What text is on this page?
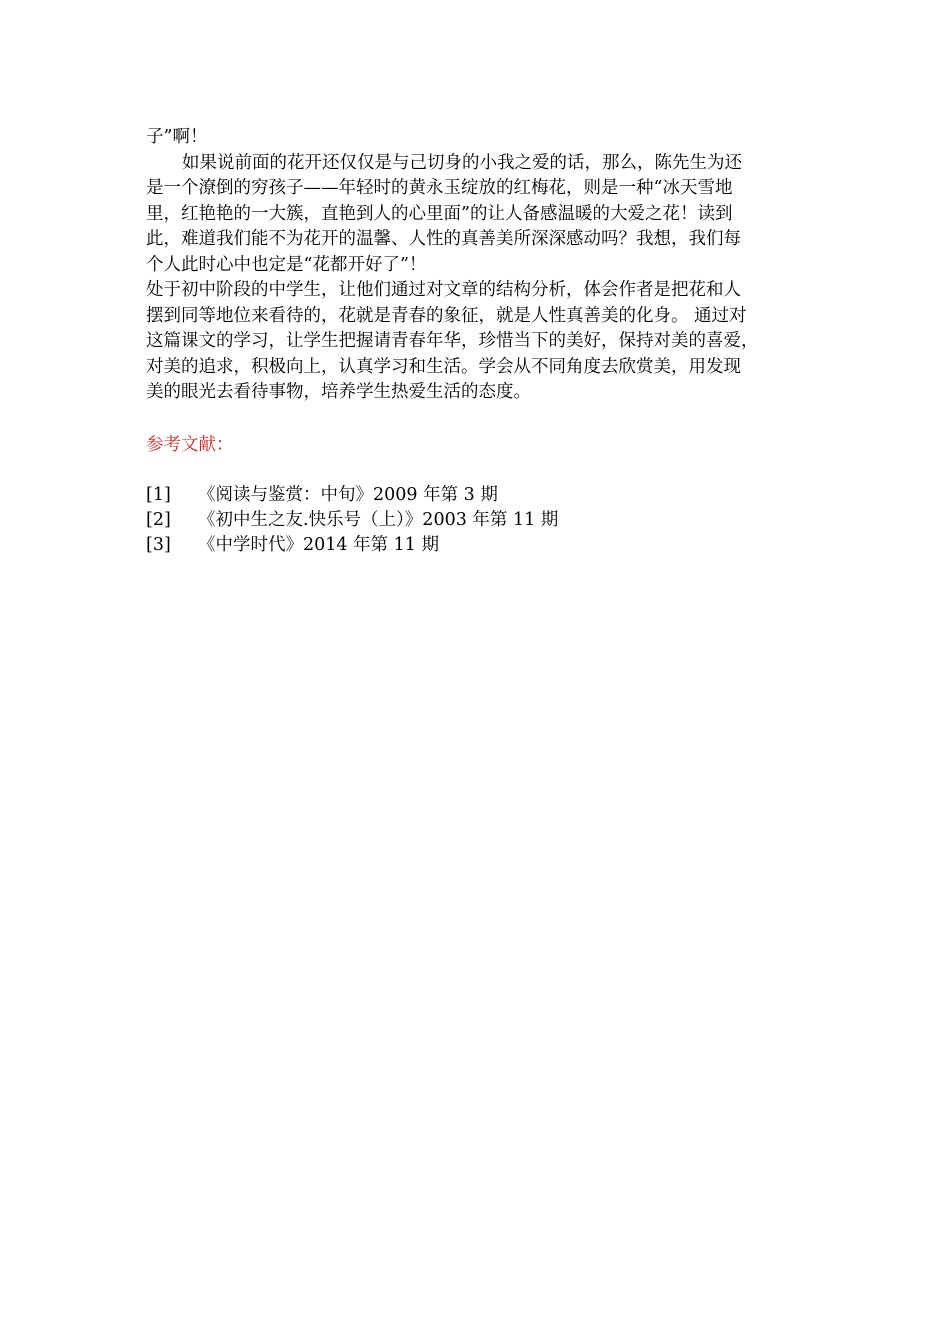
子”啊！
如果说前面的花开还仅仅是与己切身的小我之爱的话，那么，陈先生为还
是一个潦倒的穷孩子——年轻时的黄永玉绽放的红梅花，则是一种“冰天雪地
里，红艳艳的一大簇，直艳到人的心里面”的让人备感温暖的大爱之花！读到
此，难道我们能不为花开的温馨、人性的真善美所深深感动吗？我想，我们每
个人此时心中也定是“花都开好了”！
处于初中阶段的中学生，让他们通过对文章的结构分析，体会作者是把花和人
摆到同等地位来看待的，花就是青春的象征，就是人性真善美的化身。 通过对
这篇课文的学习，让学生把握请青春年华，珍惜当下的美好，保持对美的喜爱，
对美的追求，积极向上，认真学习和生活。学会从不同角度去欣赏美，用发现
美的眼光去看待事物，培养学生热爱生活的态度。
参考文献：
[1]	《阅读与鉴赏：中旬》2009 年第 3 期
[2]	《初中生之友.快乐号（上）》2003 年第 11 期
[3]	《中学时代》2014 年第 11 期
